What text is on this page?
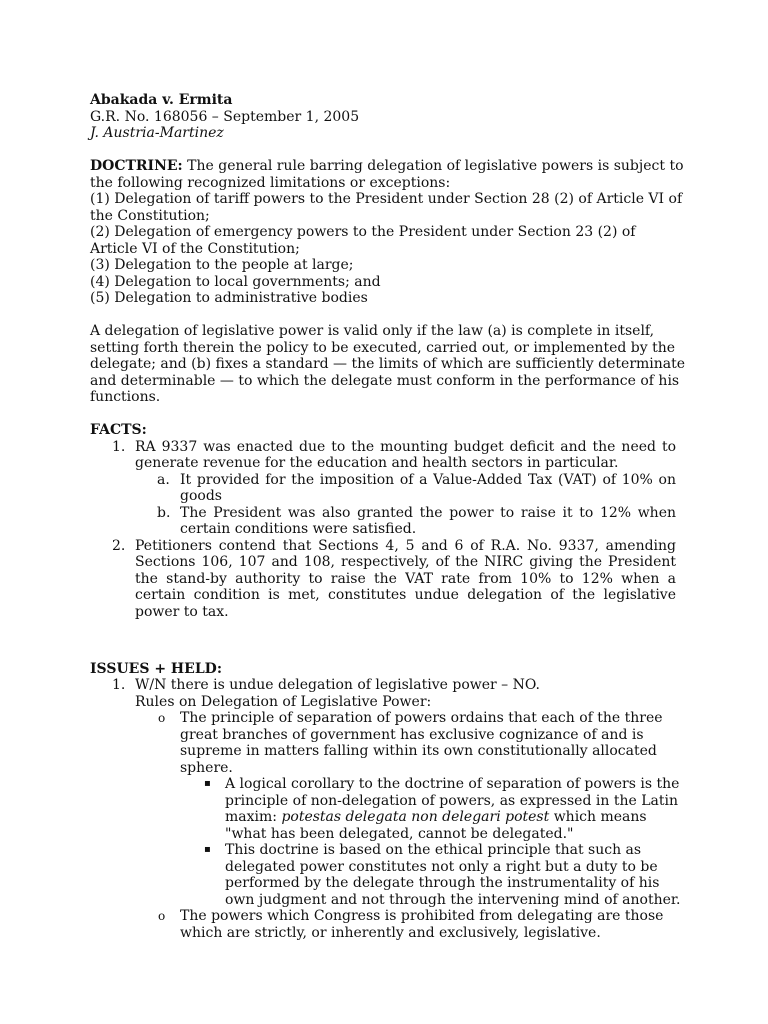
Abakada v. Ermita
G.R. No. 168056 – September 1, 2005
J. Austria-Martinez
DOCTRINE: The general rule barring delegation of legislative powers is subject to
the following recognized limitations or exceptions:
(1) Delegation of tariff powers to the President under Section 28 (2) of Article VI of
the Constitution;
(2) Delegation of emergency powers to the President under Section 23 (2) of
Article VI of the Constitution;
(3) Delegation to the people at large;
(4) Delegation to local governments; and
(5) Delegation to administrative bodies
A delegation of legislative power is valid only if the law (a) is complete in itself,
setting forth therein the policy to be executed, carried out, or implemented by the
delegate; and (b) fixes a standard — the limits of which are sufficiently determinate
and determinable — to which the delegate must conform in the performance of his
functions.
FACTS:
1. RA 9337 was enacted due to the mounting budget deficit and the need to generate revenue for the education and health sectors in particular.
a. It provided for the imposition of a Value-Added Tax (VAT) of 10% on goods
b. The President was also granted the power to raise it to 12% when certain conditions were satisfied.
2. Petitioners contend that Sections 4, 5 and 6 of R.A. No. 9337, amending Sections 106, 107 and 108, respectively, of the NIRC giving the President the stand-by authority to raise the VAT rate from 10% to 12% when a certain condition is met, constitutes undue delegation of the legislative power to tax.
ISSUES + HELD:
1. W/N there is undue delegation of legislative power – NO.
Rules on Delegation of Legislative Power:
o The principle of separation of powers ordains that each of the three
great branches of government has exclusive cognizance of and is
supreme in matters falling within its own constitutionally allocated
sphere.
▪ A logical corollary to the doctrine of separation of powers is the
principle of non-delegation of powers, as expressed in the Latin
maxim: potestas delegata non delegari potest which means
"what has been delegated, cannot be delegated."
▪ This doctrine is based on the ethical principle that such as
delegated power constitutes not only a right but a duty to be
performed by the delegate through the instrumentality of his
own judgment and not through the intervening mind of another.
o The powers which Congress is prohibited from delegating are those
which are strictly, or inherently and exclusively, legislative.
